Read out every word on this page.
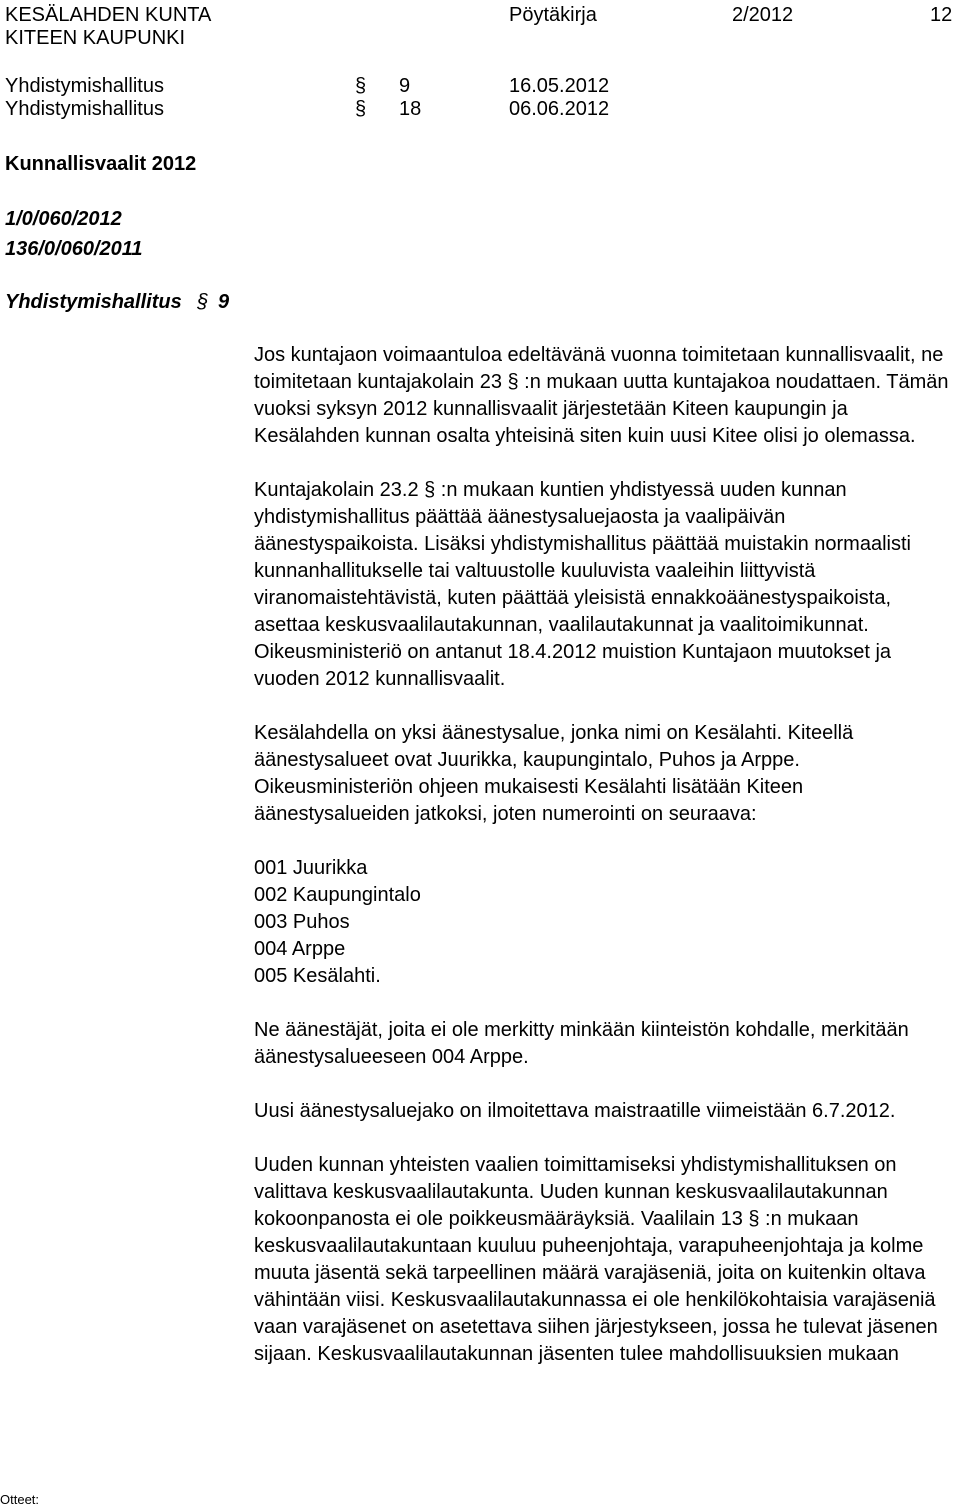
KESÄLAHDEN KUNTA
KITEEN KAUPUNKI
Pöytäkirja	2/2012	12
Yhdistymishallitus	§ 9	16.05.2012
Yhdistymishallitus	§ 18	06.06.2012
Kunnallisvaalit 2012
1/0/060/2012
136/0/060/2011
Yhdistymishallitus § 9

Jos kuntajaon voimaantuloa edeltävänä vuonna toimitetaan kunnallisvaalit, ne toimitetaan kuntajakolain 23 § :n mukaan uutta kuntajakoa noudattaen. Tämän vuoksi syksyn 2012 kunnallisvaalit järjestetään Kiteen kaupungin ja Kesälahden kunnan osalta yhteisinä siten kuin uusi Kitee olisi jo olemassa.

Kuntajakolain 23.2 § :n mukaan kuntien yhdistyessä uuden kunnan yhdistymishallitus päättää äänestysaluejaosta ja vaalipäivän äänestyspaikoista. Lisäksi yhdistymishallitus päättää muistakin normaalisti kunnanhallitukselle tai valtuustolle kuuluvista vaaleihin liittyvistä viranomaistehtävistä, kuten päättää yleisistä ennakkoäänestyspaikoista, asettaa keskusvaalilautakunnan, vaalilautakunnat ja vaalitoimikunnat. Oikeusministeriö on antanut 18.4.2012 muistion Kuntajaon muutokset ja vuoden 2012 kunnallisvaalit.

Kesälahdella on yksi äänestysalue, jonka nimi on Kesälahti. Kiteellä äänestysalueet ovat Juurikka, kaupungintalo, Puhos ja Arppe. Oikeusministeriön ohjeen mukaisesti Kesälahti lisätään Kiteen äänestysalueiden jatkoksi, joten numerointi on seuraava:

001 Juurikka

002 Kaupungintalo

003 Puhos

004 Arppe

005 Kesälahti.

Ne äänestäjät, joita ei ole merkitty minkään kiinteistön kohdalle, merkitään äänestysalueeseen 004 Arppe.

Uusi äänestysaluejako on ilmoitettava maistraatille viimeistään 6.7.2012.

Uuden kunnan yhteisten vaalien toimittamiseksi yhdistymishallituksen on valittava keskusvaalilautakunta. Uuden kunnan keskusvaalilautakunnan kokoonpanosta ei ole poikkeusmääräyksiä. Vaalilain 13 § :n mukaan keskusvaalilautakuntaan kuuluu puheenjohtaja, varapuheenjohtaja ja kolme muuta jäsentä sekä tarpeellinen määrä varajäseniä, joita on kuitenkin oltava vähintään viisi. Keskusvaalilautakunnassa ei ole henkilökohtaisia varajäseniä vaan varajäsenet on asetettava siihen järjestykseen, jossa he tulevat jäsenen sijaan. Keskusvaalilautakunnan jäsenten tulee mahdollisuuksien mukaan

Otteet:
